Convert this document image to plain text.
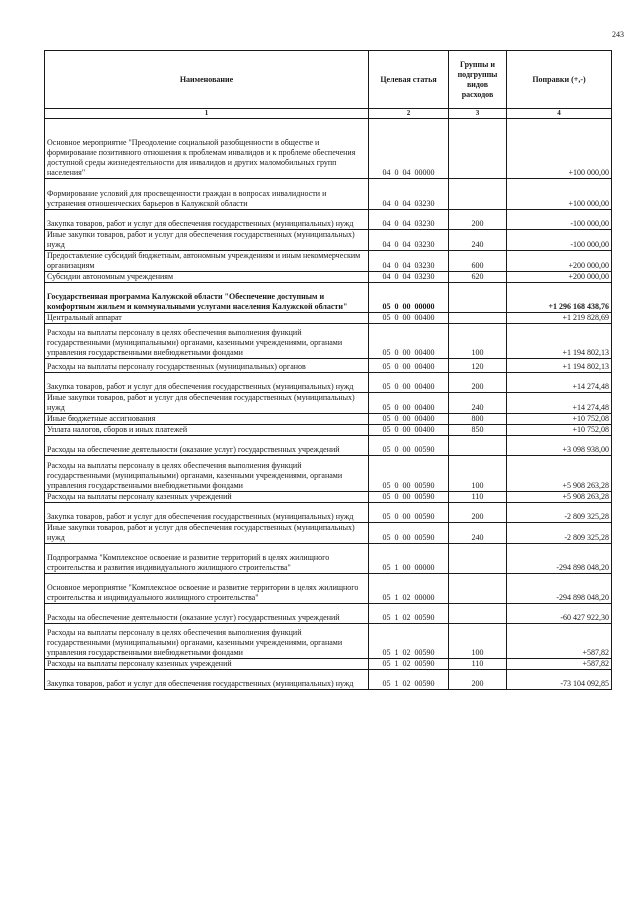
243
Наименование	Целевая статья	Группы и подгруппы видов расходов	Поправки (+,-)
1	2	3	4
Основное мероприятие "Преодоление социальной разобщенности в обществе и формирование позитивного отношения к проблемам инвалидов и к проблеме обеспечения доступной среды жизнедеятельности для инвалидов и других маломобильных групп населения"	04 0 04 00000		+100 000,00
Формирование условий для просвещенности граждан в вопросах инвалидности и устранения отношенческих барьеров в Калужской области	04 0 04 03230		+100 000,00
Закупка товаров, работ и услуг для обеспечения государственных (муниципальных) нужд	04 0 04 03230	200	-100 000,00
Иные закупки товаров, работ и услуг для обеспечения государственных (муниципальных) нужд	04 0 04 03230	240	-100 000,00
Предоставление субсидий бюджетным, автономным учреждениям и иным некоммерческим организациям	04 0 04 03230	600	+200 000,00
Субсидии автономным учреждениям	04 0 04 03230	620	+200 000,00
Государственная программа Калужской области "Обеспечение доступным и комфортным жильем и коммунальными услугами населения Калужской области"	05 0 00 00000		+1 296 168 438,76
Центральный аппарат	05 0 00 00400		+1 219 828,69
Расходы на выплаты персоналу в целях обеспечения выполнения функций государственными (муниципальными) органами, казенными учреждениями, органами управления государственными внебюджетными фондами	05 0 00 00400	100	+1 194 802,13
Расходы на выплаты персоналу государственных (муниципальных) органов	05 0 00 00400	120	+1 194 802,13
Закупка товаров, работ и услуг для обеспечения государственных (муниципальных) нужд	05 0 00 00400	200	+14 274,48
Иные закупки товаров, работ и услуг для обеспечения государственных (муниципальных) нужд	05 0 00 00400	240	+14 274,48
Иные бюджетные ассигнования	05 0 00 00400	800	+10 752,08
Уплата налогов, сборов и иных платежей	05 0 00 00400	850	+10 752,08
Расходы на обеспечение деятельности (оказание услуг) государственных учреждений	05 0 00 00590		+3 098 938,00
Расходы на выплаты персоналу в целях обеспечения выполнения функций государственными (муниципальными) органами, казенными учреждениями, органами управления государственными внебюджетными фондами	05 0 00 00590	100	+5 908 263,28
Расходы на выплаты персоналу казенных учреждений	05 0 00 00590	110	+5 908 263,28
Закупка товаров, работ и услуг для обеспечения государственных (муниципальных) нужд	05 0 00 00590	200	-2 809 325,28
Иные закупки товаров, работ и услуг для обеспечения государственных (муниципальных) нужд	05 0 00 00590	240	-2 809 325,28
Подпрограмма "Комплексное освоение и развитие территорий в целях жилищного строительства и развития индивидуального жилищного строительства"	05 1 00 00000		-294 898 048,20
Основное мероприятие "Комплексное освоение и развитие территории в целях жилищного строительства и индивидуального жилищного строительства"	05 1 02 00000		-294 898 048,20
Расходы на обеспечение деятельности (оказание услуг) государственных учреждений	05 1 02 00590		-60 427 922,30
Расходы на выплаты персоналу в целях обеспечения выполнения функций государственными (муниципальными) органами, казенными учреждениями, органами управления государственными внебюджетными фондами	05 1 02 00590	100	+587,82
Расходы на выплаты персоналу казенных учреждений	05 1 02 00590	110	+587,82
Закупка товаров, работ и услуг для обеспечения государственных (муниципальных) нужд	05 1 02 00590	200	-73 104 092,85
